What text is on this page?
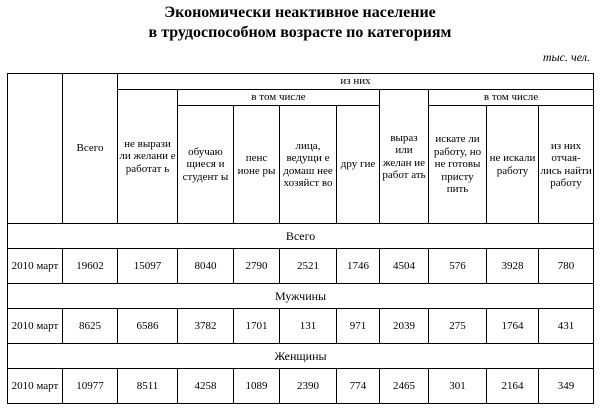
Экономически неактивное население
в трудоспособном возрасте по категориям
тыс. чел.
	Всего	из них								
		не вырази ли желани е работат ь	в том числе				выраз или желан ие работ ать	в том числе		
			обучаю щиеся и студент ы	пенс ионе ры	лица, ведущи е домаш нее хозяйст во	дру гие		искате ли работу, но не готовы присту пить	не искали работу	из них отчая- лись найти работу
Всего										
2010 март	19602	15097	8040	2790	2521	1746	4504	576	3928	780
Мужчины										
2010 март	8625	6586	3782	1701	131	971	2039	275	1764	431
Женщины										
2010 март	10977	8511	4258	1089	2390	774	2465	301	2164	349
